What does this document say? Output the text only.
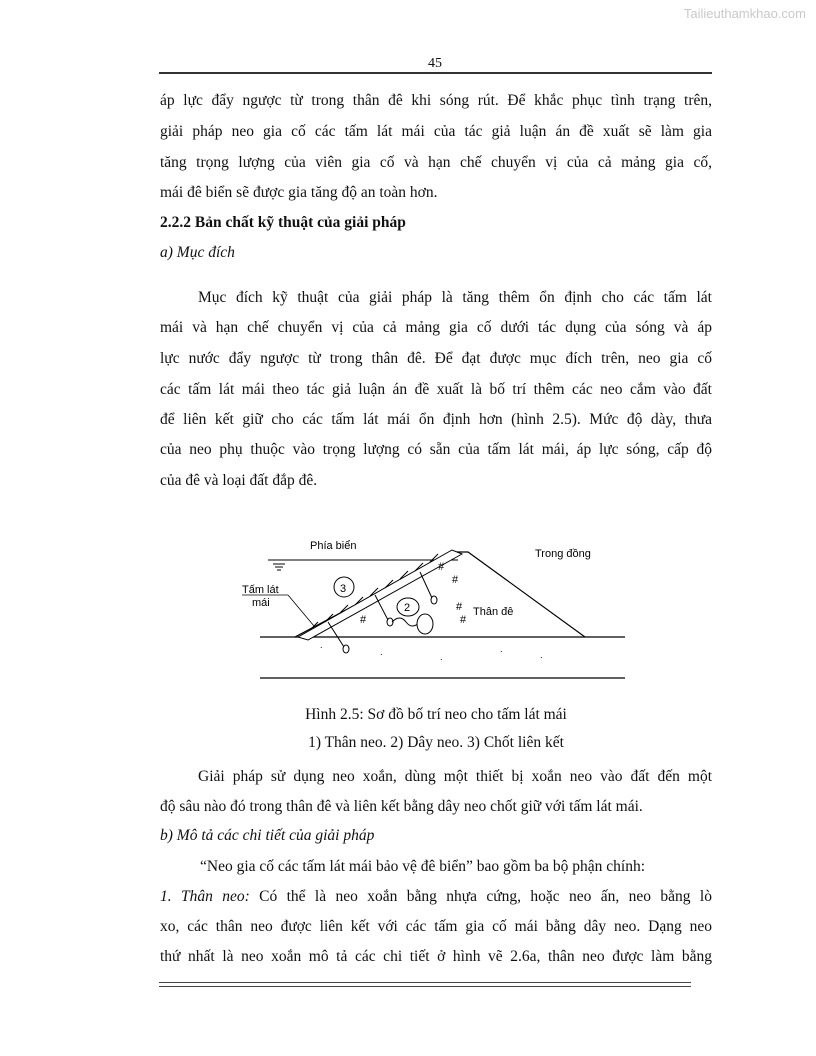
Tailieuthamkhao.com
45
áp lực đẩy ngược từ trong thân đê khi sóng rút. Để khắc phục tình trạng trên,
giải pháp neo gia cố các tấm lát mái của tác giả luận án đề xuất sẽ làm gia
tăng trọng lượng của viên gia cố và hạn chế chuyển vị của cả mảng gia cố,
mái đê biển sẽ được gia tăng độ an toàn hơn.
2.2.2 Bản chất kỹ thuật của giải pháp
a) Mục đích
Mục đích kỹ thuật của giải pháp là tăng thêm ổn định cho các tấm lát
mái và hạn chế chuyển vị của cả mảng gia cố dưới tác dụng của sóng và áp
lực nước đẩy ngược từ trong thân đê. Để đạt được mục đích trên, neo gia cố
các tấm lát mái theo tác giả luận án đề xuất là bố trí thêm các neo cắm vào đất
để liên kết giữ cho các tấm lát mái ổn định hơn (hình 2.5). Mức độ dày, thưa
của neo phụ thuộc vào trọng lượng có sẵn của tấm lát mái, áp lực sóng, cấp độ
của đê và loại đất đắp đê.
3
2
#
#
#
#
#
.
.	.
.
.
Phía biển
Trong đồng
Tấm lát
mái
Thân đê
Hình 2.5: Sơ đồ bố trí neo cho tấm lát mái
1) Thân neo. 2) Dây neo. 3) Chốt liên kết
Giải pháp sử dụng neo xoắn, dùng một thiết bị xoắn neo vào đất đến một
độ sâu nào đó trong thân đê và liên kết bằng dây neo chốt giữ với tấm lát mái.
b) Mô tả các chi tiết của giải pháp
“Neo gia cố các tấm lát mái bảo vệ đê biển” bao gồm ba bộ phận chính:
1. Thân neo: Có thể là neo xoắn bằng nhựa cứng, hoặc neo ấn, neo bằng lò
xo, các thân neo được liên kết với các tấm gia cố mái bằng dây neo. Dạng neo
thứ nhất là neo xoắn mô tả các chi tiết ở hình vẽ 2.6a, thân neo được làm bằng
